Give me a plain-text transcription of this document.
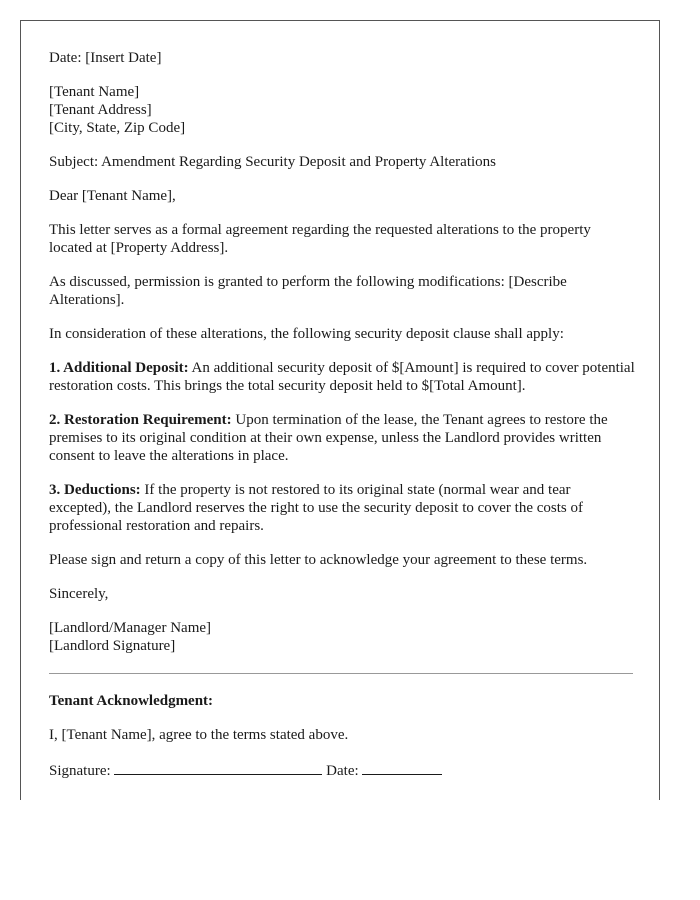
Date: [Insert Date]

[Tenant Name]
[Tenant Address]
[City, State, Zip Code]

Subject: Amendment Regarding Security Deposit and Property Alterations

Dear [Tenant Name],

This letter serves as a formal agreement regarding the requested alterations to the property located at [Property Address].

As discussed, permission is granted to perform the following modifications: [Describe Alterations].

In consideration of these alterations, the following security deposit clause shall apply:

1. Additional Deposit: An additional security deposit of $[Amount] is required to cover potential restoration costs. This brings the total security deposit held to $[Total Amount].

2. Restoration Requirement: Upon termination of the lease, the Tenant agrees to restore the premises to its original condition at their own expense, unless the Landlord provides written consent to leave the alterations in place.

3. Deductions: If the property is not restored to its original state (normal wear and tear excepted), the Landlord reserves the right to use the security deposit to cover the costs of professional restoration and repairs.

Please sign and return a copy of this letter to acknowledge your agreement to these terms.

Sincerely,

[Landlord/Manager Name]
[Landlord Signature]

Tenant Acknowledgment:

I, [Tenant Name], agree to the terms stated above.

Signature:	Date:
